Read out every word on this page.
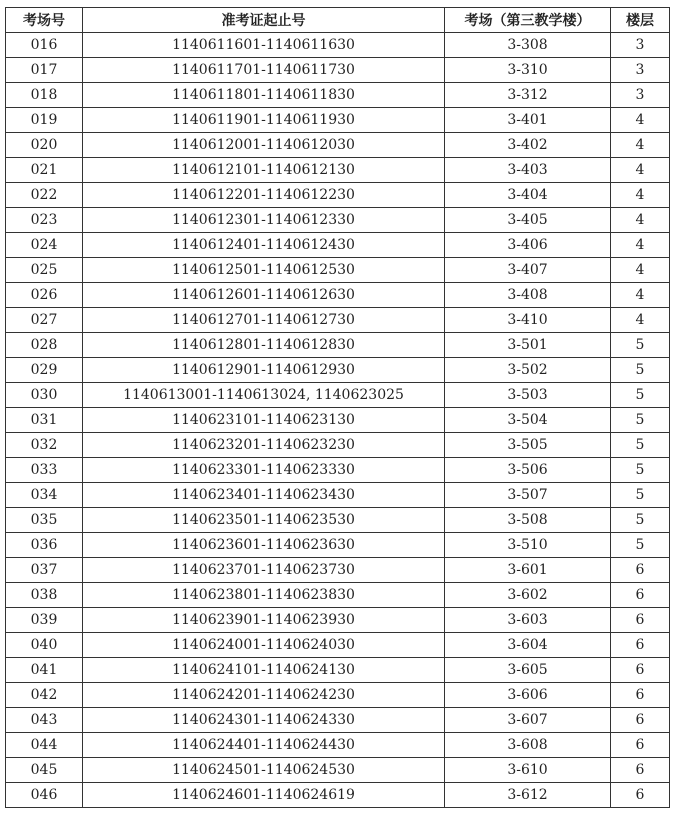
考场号	准考证起止号	考场（第三教学楼）	楼层
016	1140611601-1140611630	3-308	3
017	1140611701-1140611730	3-310	3
018	1140611801-1140611830	3-312	3
019	1140611901-1140611930	3-401	4
020	1140612001-1140612030	3-402	4
021	1140612101-1140612130	3-403	4
022	1140612201-1140612230	3-404	4
023	1140612301-1140612330	3-405	4
024	1140612401-1140612430	3-406	4
025	1140612501-1140612530	3-407	4
026	1140612601-1140612630	3-408	4
027	1140612701-1140612730	3-410	4
028	1140612801-1140612830	3-501	5
029	1140612901-1140612930	3-502	5
030	1140613001-1140613024, 1140623025	3-503	5
031	1140623101-1140623130	3-504	5
032	1140623201-1140623230	3-505	5
033	1140623301-1140623330	3-506	5
034	1140623401-1140623430	3-507	5
035	1140623501-1140623530	3-508	5
036	1140623601-1140623630	3-510	5
037	1140623701-1140623730	3-601	6
038	1140623801-1140623830	3-602	6
039	1140623901-1140623930	3-603	6
040	1140624001-1140624030	3-604	6
041	1140624101-1140624130	3-605	6
042	1140624201-1140624230	3-606	6
043	1140624301-1140624330	3-607	6
044	1140624401-1140624430	3-608	6
045	1140624501-1140624530	3-610	6
046	1140624601-1140624619	3-612	6
